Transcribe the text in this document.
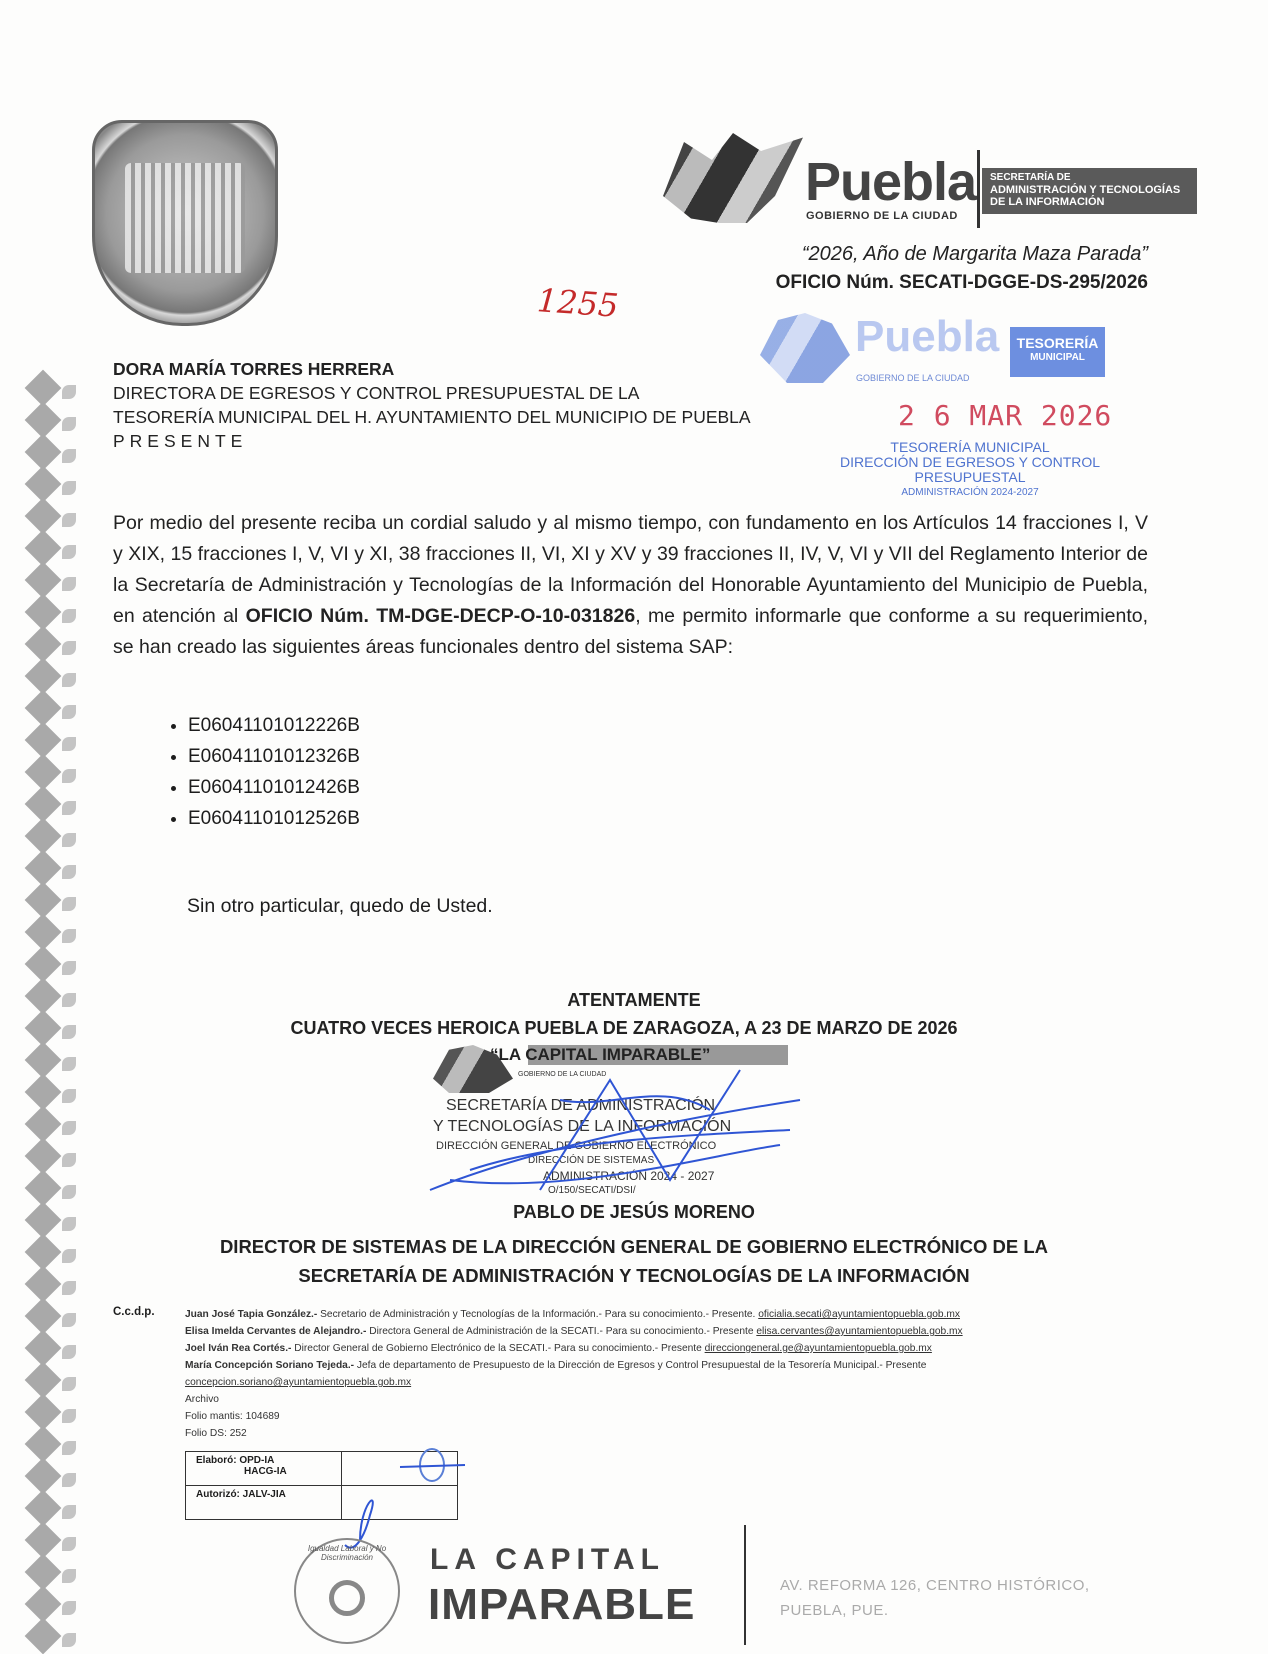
Puebla
GOBIERNO DE LA CIUDAD
SECRETARÍA DE
ADMINISTRACIÓN Y TECNOLOGÍAS
DE LA INFORMACIÓN
“2026, Año de Margarita Maza Parada”
OFICIO Núm. SECATI-DGGE-DS-295/2026
1255
DORA MARÍA TORRES HERRERA
DIRECTORA DE EGRESOS Y CONTROL PRESUPUESTAL DE LA
TESORERÍA MUNICIPAL DEL H. AYUNTAMIENTO DEL MUNICIPIO DE PUEBLA
PRESENTE
Puebla
GOBIERNO DE LA CIUDAD
TESORERÍA
MUNICIPAL
2 6 MAR 2026
TESORERÍA MUNICIPAL
DIRECCIÓN DE EGRESOS Y CONTROL
PRESUPUESTAL
ADMINISTRACIÓN 2024-2027
Por medio del presente reciba un cordial saludo y al mismo tiempo, con fundamento en los Artículos 14 fracciones I, V y XIX, 15 fracciones I, V, VI y XI, 38 fracciones II, VI, XI y XV y 39 fracciones II, IV, V, VI y VII del Reglamento Interior de la Secretaría de Administración y Tecnologías de la Información del Honorable Ayuntamiento del Municipio de Puebla, en atención al OFICIO Núm. TM-DGE-DECP-O-10-031826, me permito informarle que conforme a su requerimiento, se han creado las siguientes áreas funcionales dentro del sistema SAP:
• E06041101012226B
• E06041101012326B
• E06041101012426B
• E06041101012526B
Sin otro particular, quedo de Usted.
ATENTAMENTE
CUATRO VECES HEROICA PUEBLA DE ZARAGOZA, A 23 DE MARZO DE 2026
“LA CAPITAL IMPARABLE”
GOBIERNO DE LA CIUDAD
SECRETARÍA DE ADMINISTRACIÓN
Y TECNOLOGÍAS DE LA INFORMACIÓN
DIRECCIÓN GENERAL DE GOBIERNO ELECTRÓNICO
DIRECCIÓN DE SISTEMAS
ADMINISTRACIÓN 2024 - 2027
O/150/SECATI/DSI/
PABLO DE JESÚS MORENO
DIRECTOR DE SISTEMAS DE LA DIRECCIÓN GENERAL DE GOBIERNO ELECTRÓNICO DE LA
SECRETARÍA DE ADMINISTRACIÓN Y TECNOLOGÍAS DE LA INFORMACIÓN
C.c.d.p.	Juan José Tapia González.- Secretario de Administración y Tecnologías de la Información.- Para su conocimiento.- Presente. oficialia.secati@ayuntamientopuebla.gob.mx
Elisa Imelda Cervantes de Alejandro.- Directora General de Administración de la SECATI.- Para su conocimiento.- Presente elisa.cervantes@ayuntamientopuebla.gob.mx
Joel Iván Rea Cortés.- Director General de Gobierno Electrónico de la SECATI.- Para su conocimiento.- Presente direcciongeneral.ge@ayuntamientopuebla.gob.mx
María Concepción Soriano Tejeda.- Jefa de departamento de Presupuesto de la Dirección de Egresos y Control Presupuestal de la Tesorería Municipal.- Presente
concepcion.soriano@ayuntamientopuebla.gob.mx
Archivo
Folio mantis: 104689
Folio DS: 252
Elaboró: OPD-IA
HACG-IA	
Autorizó: JALV-JIA	
Igualdad Laboral y No Discriminación	LA CAPITAL
IMPARABLE	AV. REFORMA 126, CENTRO HISTÓRICO,
PUEBLA, PUE.
